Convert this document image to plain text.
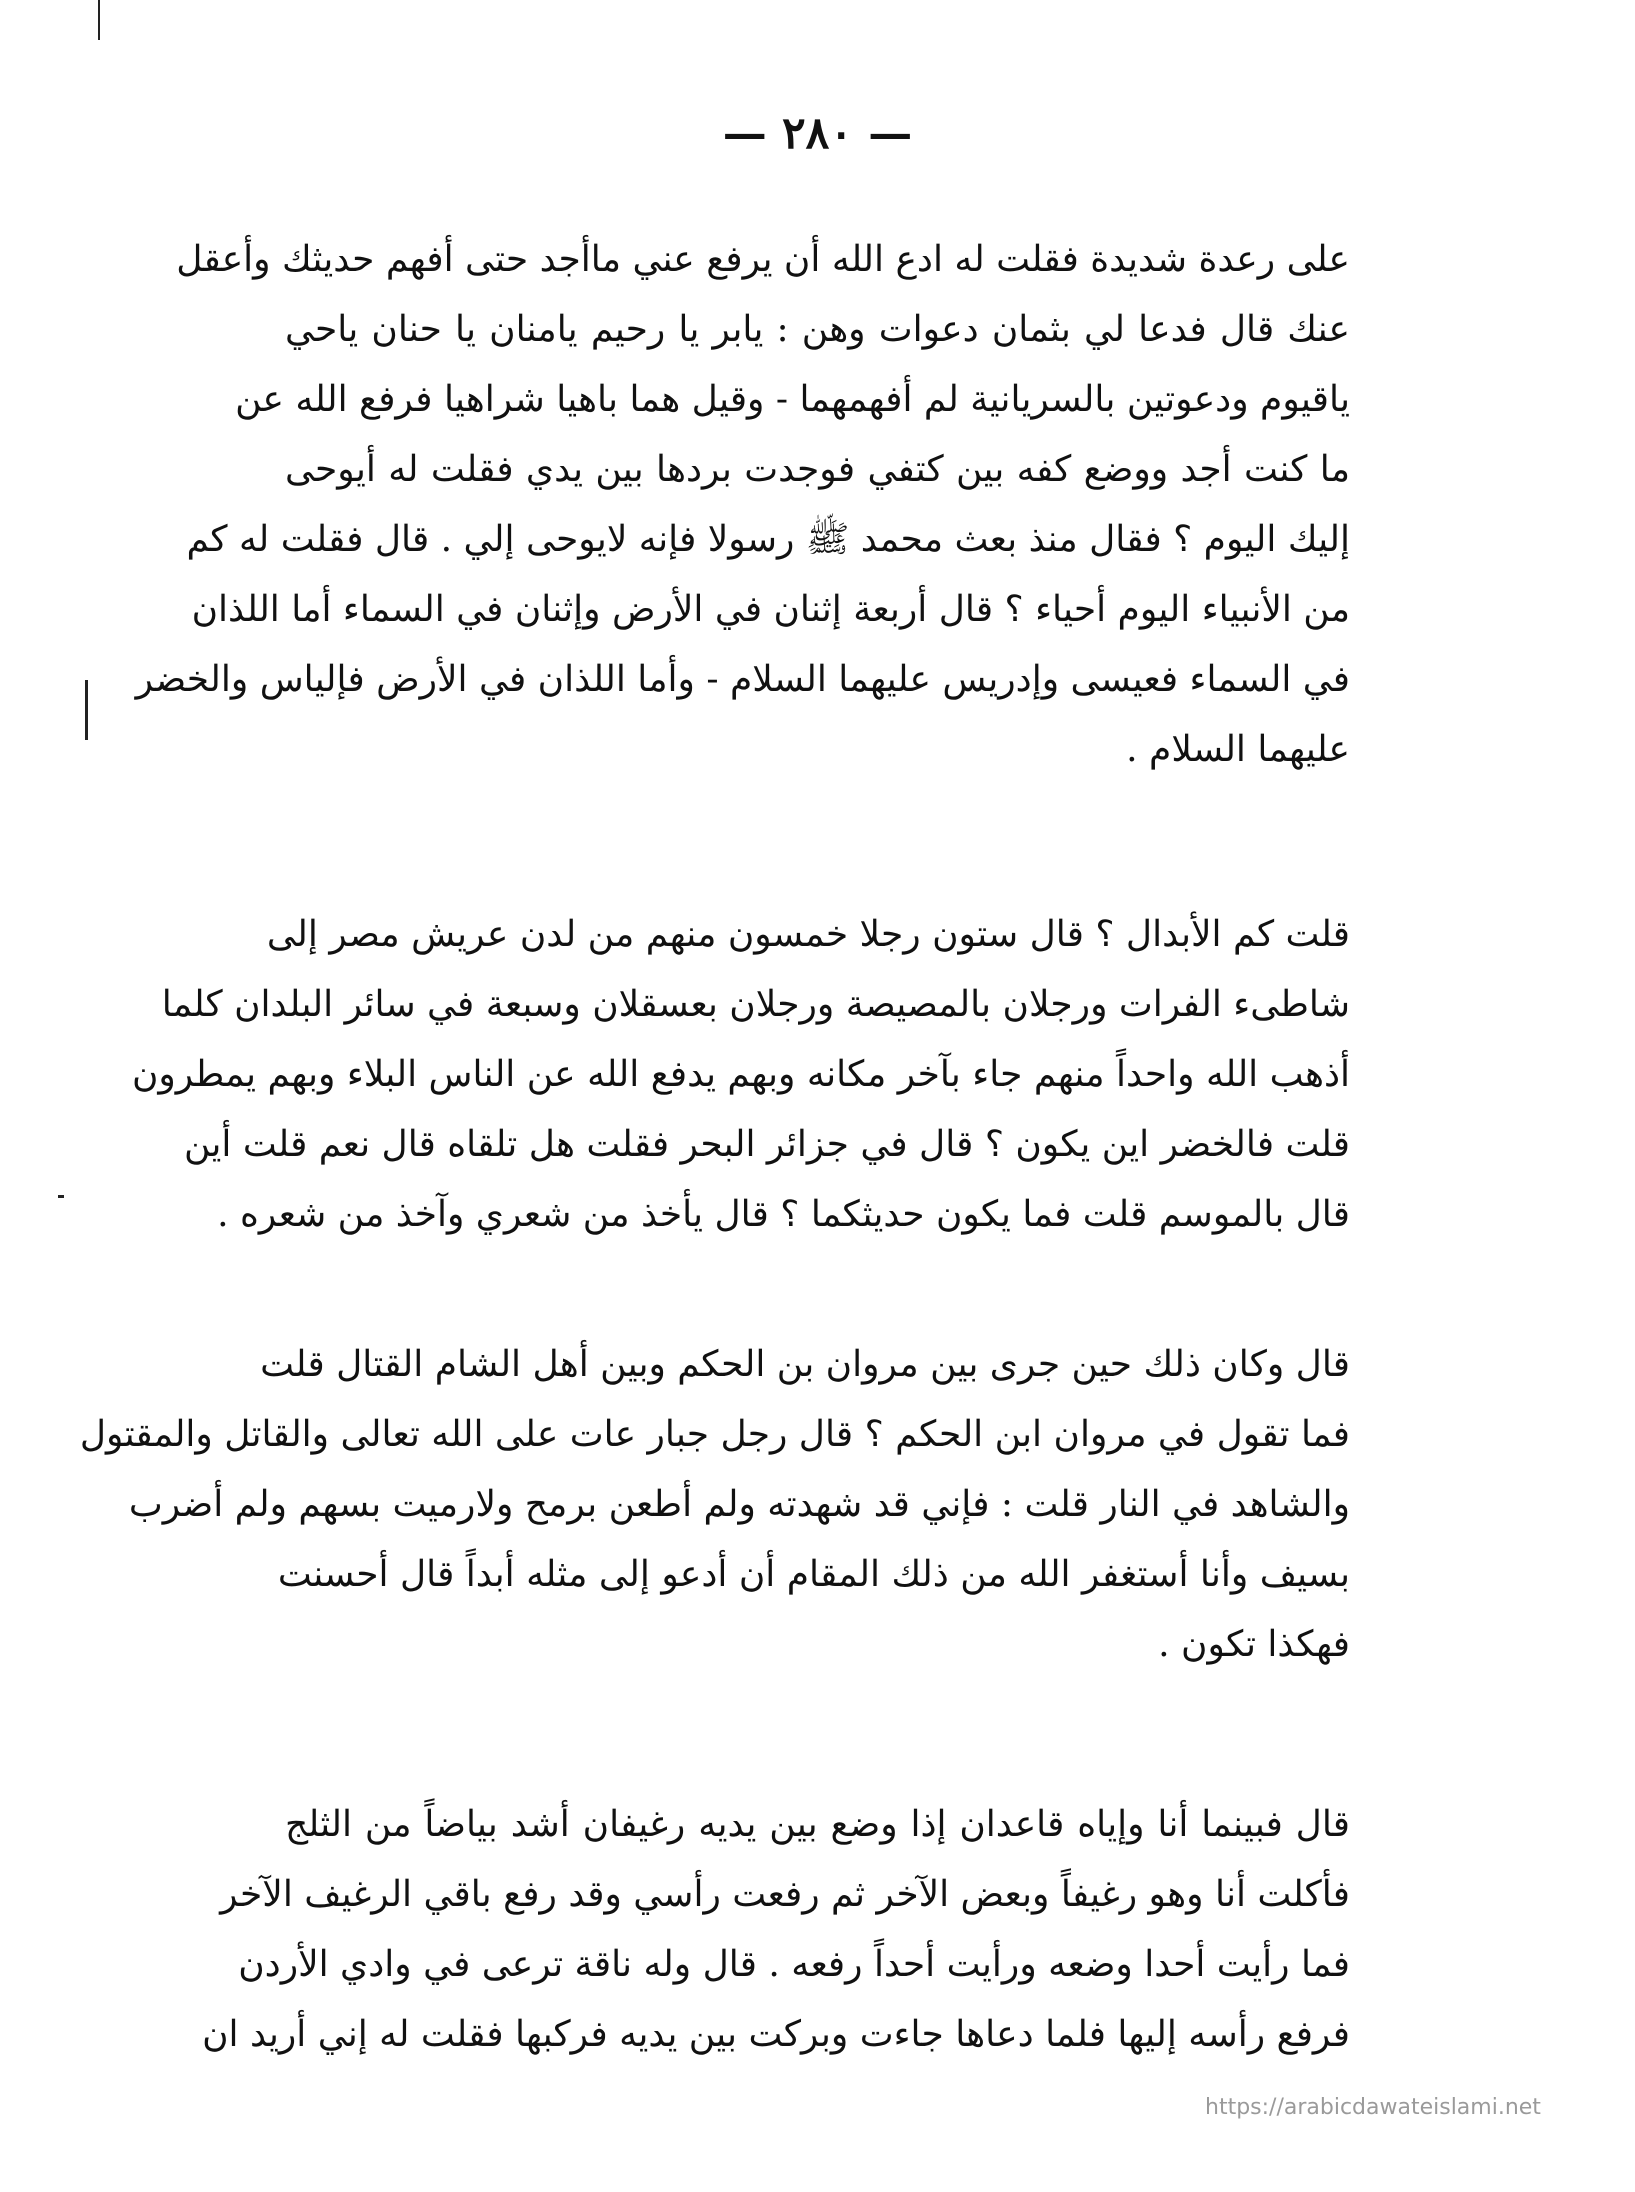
— ٢٨٠ —
على رعدة شديدة فقلت له ادع الله أن يرفع عني ماأجد حتى أفهم حديثك وأعقل
عنك قال فدعا لي بثمان دعوات وهن : يابر يا رحيم يامنان يا حنان ياحي
ياقيوم ودعوتين بالسريانية لم أفهمهما - وقيل هما باهيا شراهيا فرفع الله عن
ما كنت أجد ووضع كفه بين كتفي فوجدت بردها بين يدي فقلت له أيوحى
إليك اليوم ؟ فقال منذ بعث محمد ﷺ رسولا فإنه لايوحى إلي . قال فقلت له كم
من الأنبياء اليوم أحياء ؟ قال أربعة إثنان في الأرض وإثنان في السماء أما اللذان
في السماء فعيسى وإدريس عليهما السلام - وأما اللذان في الأرض فإلياس والخضر
عليهما السلام .
قلت كم الأبدال ؟ قال ستون رجلا خمسون منهم من لدن عريش مصر إلى
شاطىء الفرات ورجلان بالمصيصة ورجلان بعسقلان وسبعة في سائر البلدان كلما
أذهب الله واحداً منهم جاء بآخر مكانه وبهم يدفع الله عن الناس البلاء وبهم يمطرون
قلت فالخضر اين يكون ؟ قال في جزائر البحر فقلت هل تلقاه قال نعم قلت أين
قال بالموسم قلت فما يكون حديثكما ؟ قال يأخذ من شعري وآخذ من شعره .
قال وكان ذلك حين جرى بين مروان بن الحكم وبين أهل الشام القتال قلت
فما تقول في مروان ابن الحكم ؟ قال رجل جبار عات على الله تعالى والقاتل والمقتول
والشاهد في النار قلت : فإني قد شهدته ولم أطعن برمح ولارميت بسهم ولم أضرب
بسيف وأنا أستغفر الله من ذلك المقام أن أدعو إلى مثله أبداً قال أحسنت
فهكذا تكون .
قال فبينما أنا وإياه قاعدان إذا وضع بين يديه رغيفان أشد بياضاً من الثلج
فأكلت أنا وهو رغيفاً وبعض الآخر ثم رفعت رأسي وقد رفع باقي الرغيف الآخر
فما رأيت أحدا وضعه ورأيت أحداً رفعه . قال وله ناقة ترعى في وادي الأردن
فرفع رأسه إليها فلما دعاها جاءت وبركت بين يديه فركبها فقلت له إني أريد ان
https://arabicdawateislami.net
